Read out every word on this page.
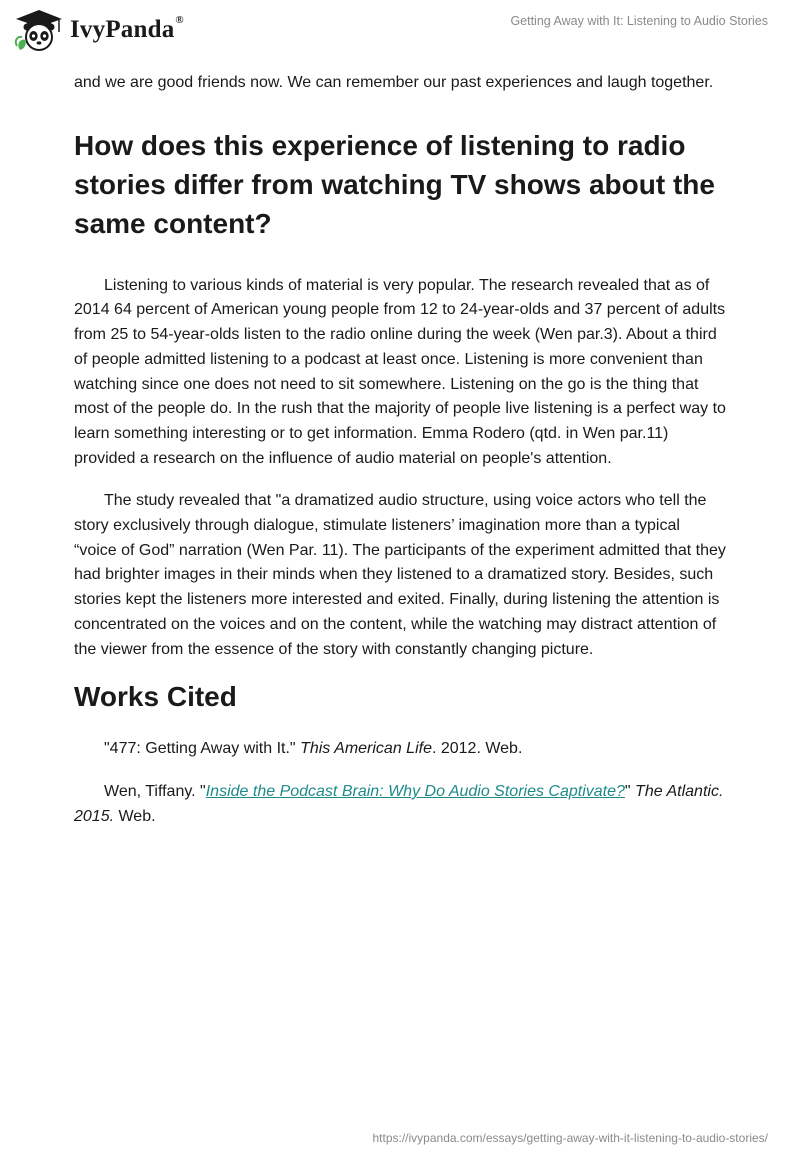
IvyPanda®	Getting Away with It: Listening to Audio Stories

and we are good friends now. We can remember our past experiences and laugh together.

How does this experience of listening to radio stories differ from watching TV shows about the same content?

Listening to various kinds of material is very popular. The research revealed that as of 2014 64 percent of American young people from 12 to 24-year-olds and 37 percent of adults from 25 to 54-year-olds listen to the radio online during the week (Wen par.3). About a third of people admitted listening to a podcast at least once. Listening is more convenient than watching since one does not need to sit somewhere. Listening on the go is the thing that most of the people do. In the rush that the majority of people live listening is a perfect way to learn something interesting or to get information. Emma Rodero (qtd. in Wen par.11) provided a research on the influence of audio material on people's attention.

The study revealed that "a dramatized audio structure, using voice actors who tell the story exclusively through dialogue, stimulate listeners’ imagination more than a typical “voice of God” narration (Wen Par. 11). The participants of the experiment admitted that they had brighter images in their minds when they listened to a dramatized story. Besides, such stories kept the listeners more interested and exited. Finally, during listening the attention is concentrated on the voices and on the content, while the watching may distract attention of the viewer from the essence of the story with constantly changing picture.

Works Cited

"477: Getting Away with It." This American Life. 2012. Web.

Wen, Tiffany. "Inside the Podcast Brain: Why Do Audio Stories Captivate?" The Atlantic. 2015. Web.

https://ivypanda.com/essays/getting-away-with-it-listening-to-audio-stories/
